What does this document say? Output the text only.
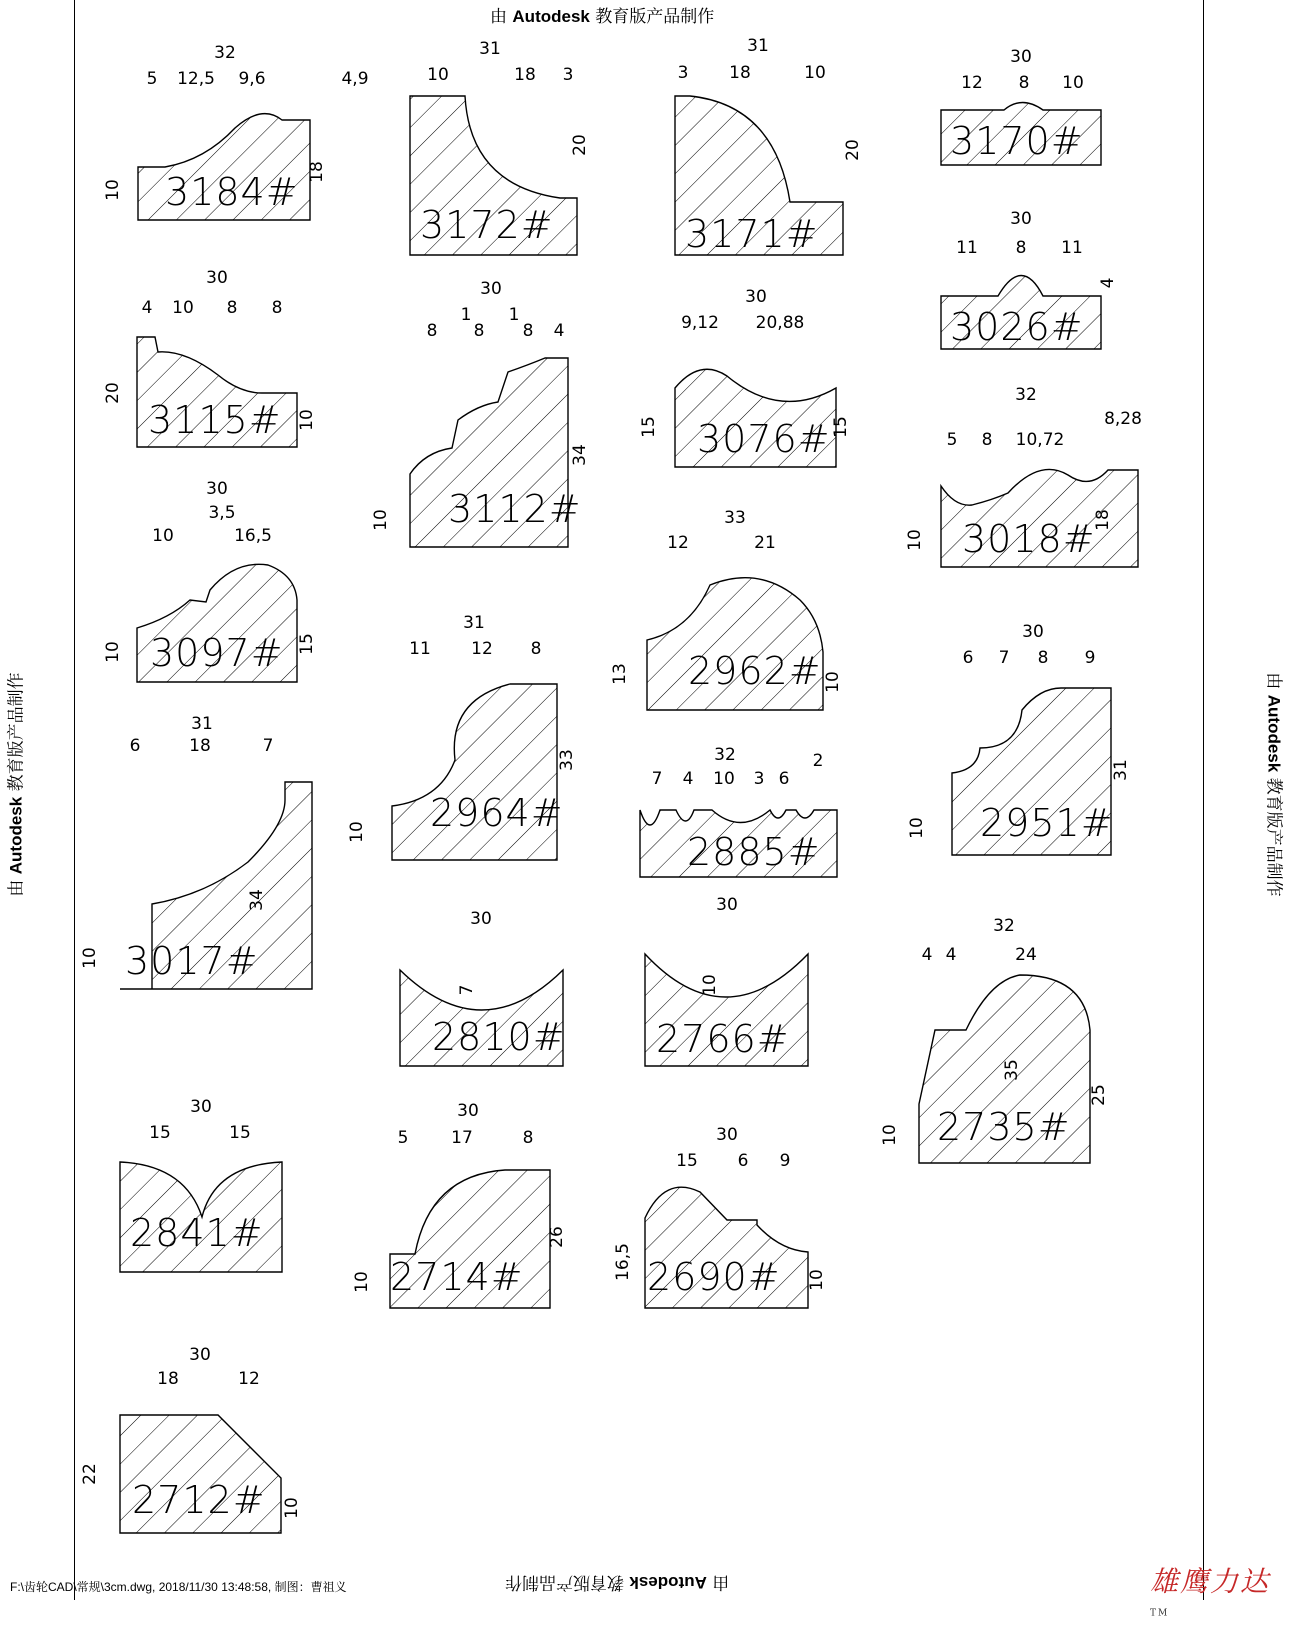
由 Autodesk 教育版产品制作
由 Autodesk 教育版产品制作
由 Autodesk 教育版产品制作	由 Autodesk 教育版产品制作
F:\齿轮CAD\常规\3cm.dwg, 2018/11/30 13:48:58, 制图：曹祖义	雄鹰力达™
3184#
32
5 12,5 9,6	4,9
18
10
3172#
31
10	18 3
20
3171#
31
3 18	10
20 3170#
30
12 8 10
3026#
30
11 8 11
4
3115#
30
4 10 8 8
20
10
3112#
30
8
1
8
1
8 4
34
10
3076#
30
9,12 20,88
15	15
3018#
32
5 8 10,72
8,28
18
10
3097#
30
10
3,5
16,5
10	15
2962#
33
12	21
13	10
2964#
31
11 12 8
33
10	2951#
30
6 7 8 9
31
10
3017#
31
6	18	7
34
10
2885#
32
7 4 10 3 6
2
2810#
30
7
2766#
30
10
2735#
32
4 4	24
35
25
10
2841#
30
15	15
2714#
30
5	17	8
26
10	2690#
30
15 6 9
16,5	10
2712#
30
18	12
22
10
